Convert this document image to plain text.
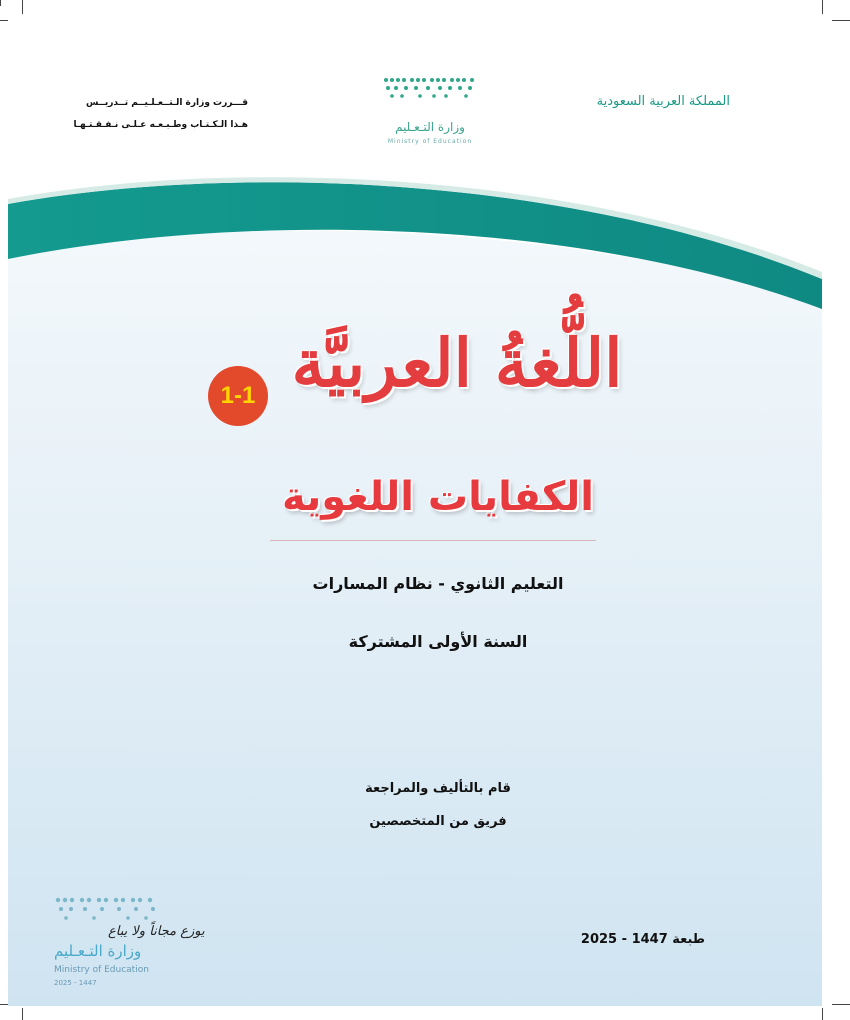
المملكة العربية السعودية
قـــررت وزارة الـتــعـلـيــم تــدريــس
هـذا الـكـتـاب وطـبـعـه عـلـى نـفـقـتـهـا	وزارة التـعـليم
Ministry of Education
اللُّغةُ العربيَّة
1-1
الكفايات اللغوية
التعليم الثانوي - نظام المسارات
السنة الأولى المشتركة
قام بالتأليف والمراجعة
فريق من المتخصصين
طبعة 1447 - 2025
يوزع مجاناً ولا يباع
وزارة التـعـليم
Ministry of Education
2025 - 1447
